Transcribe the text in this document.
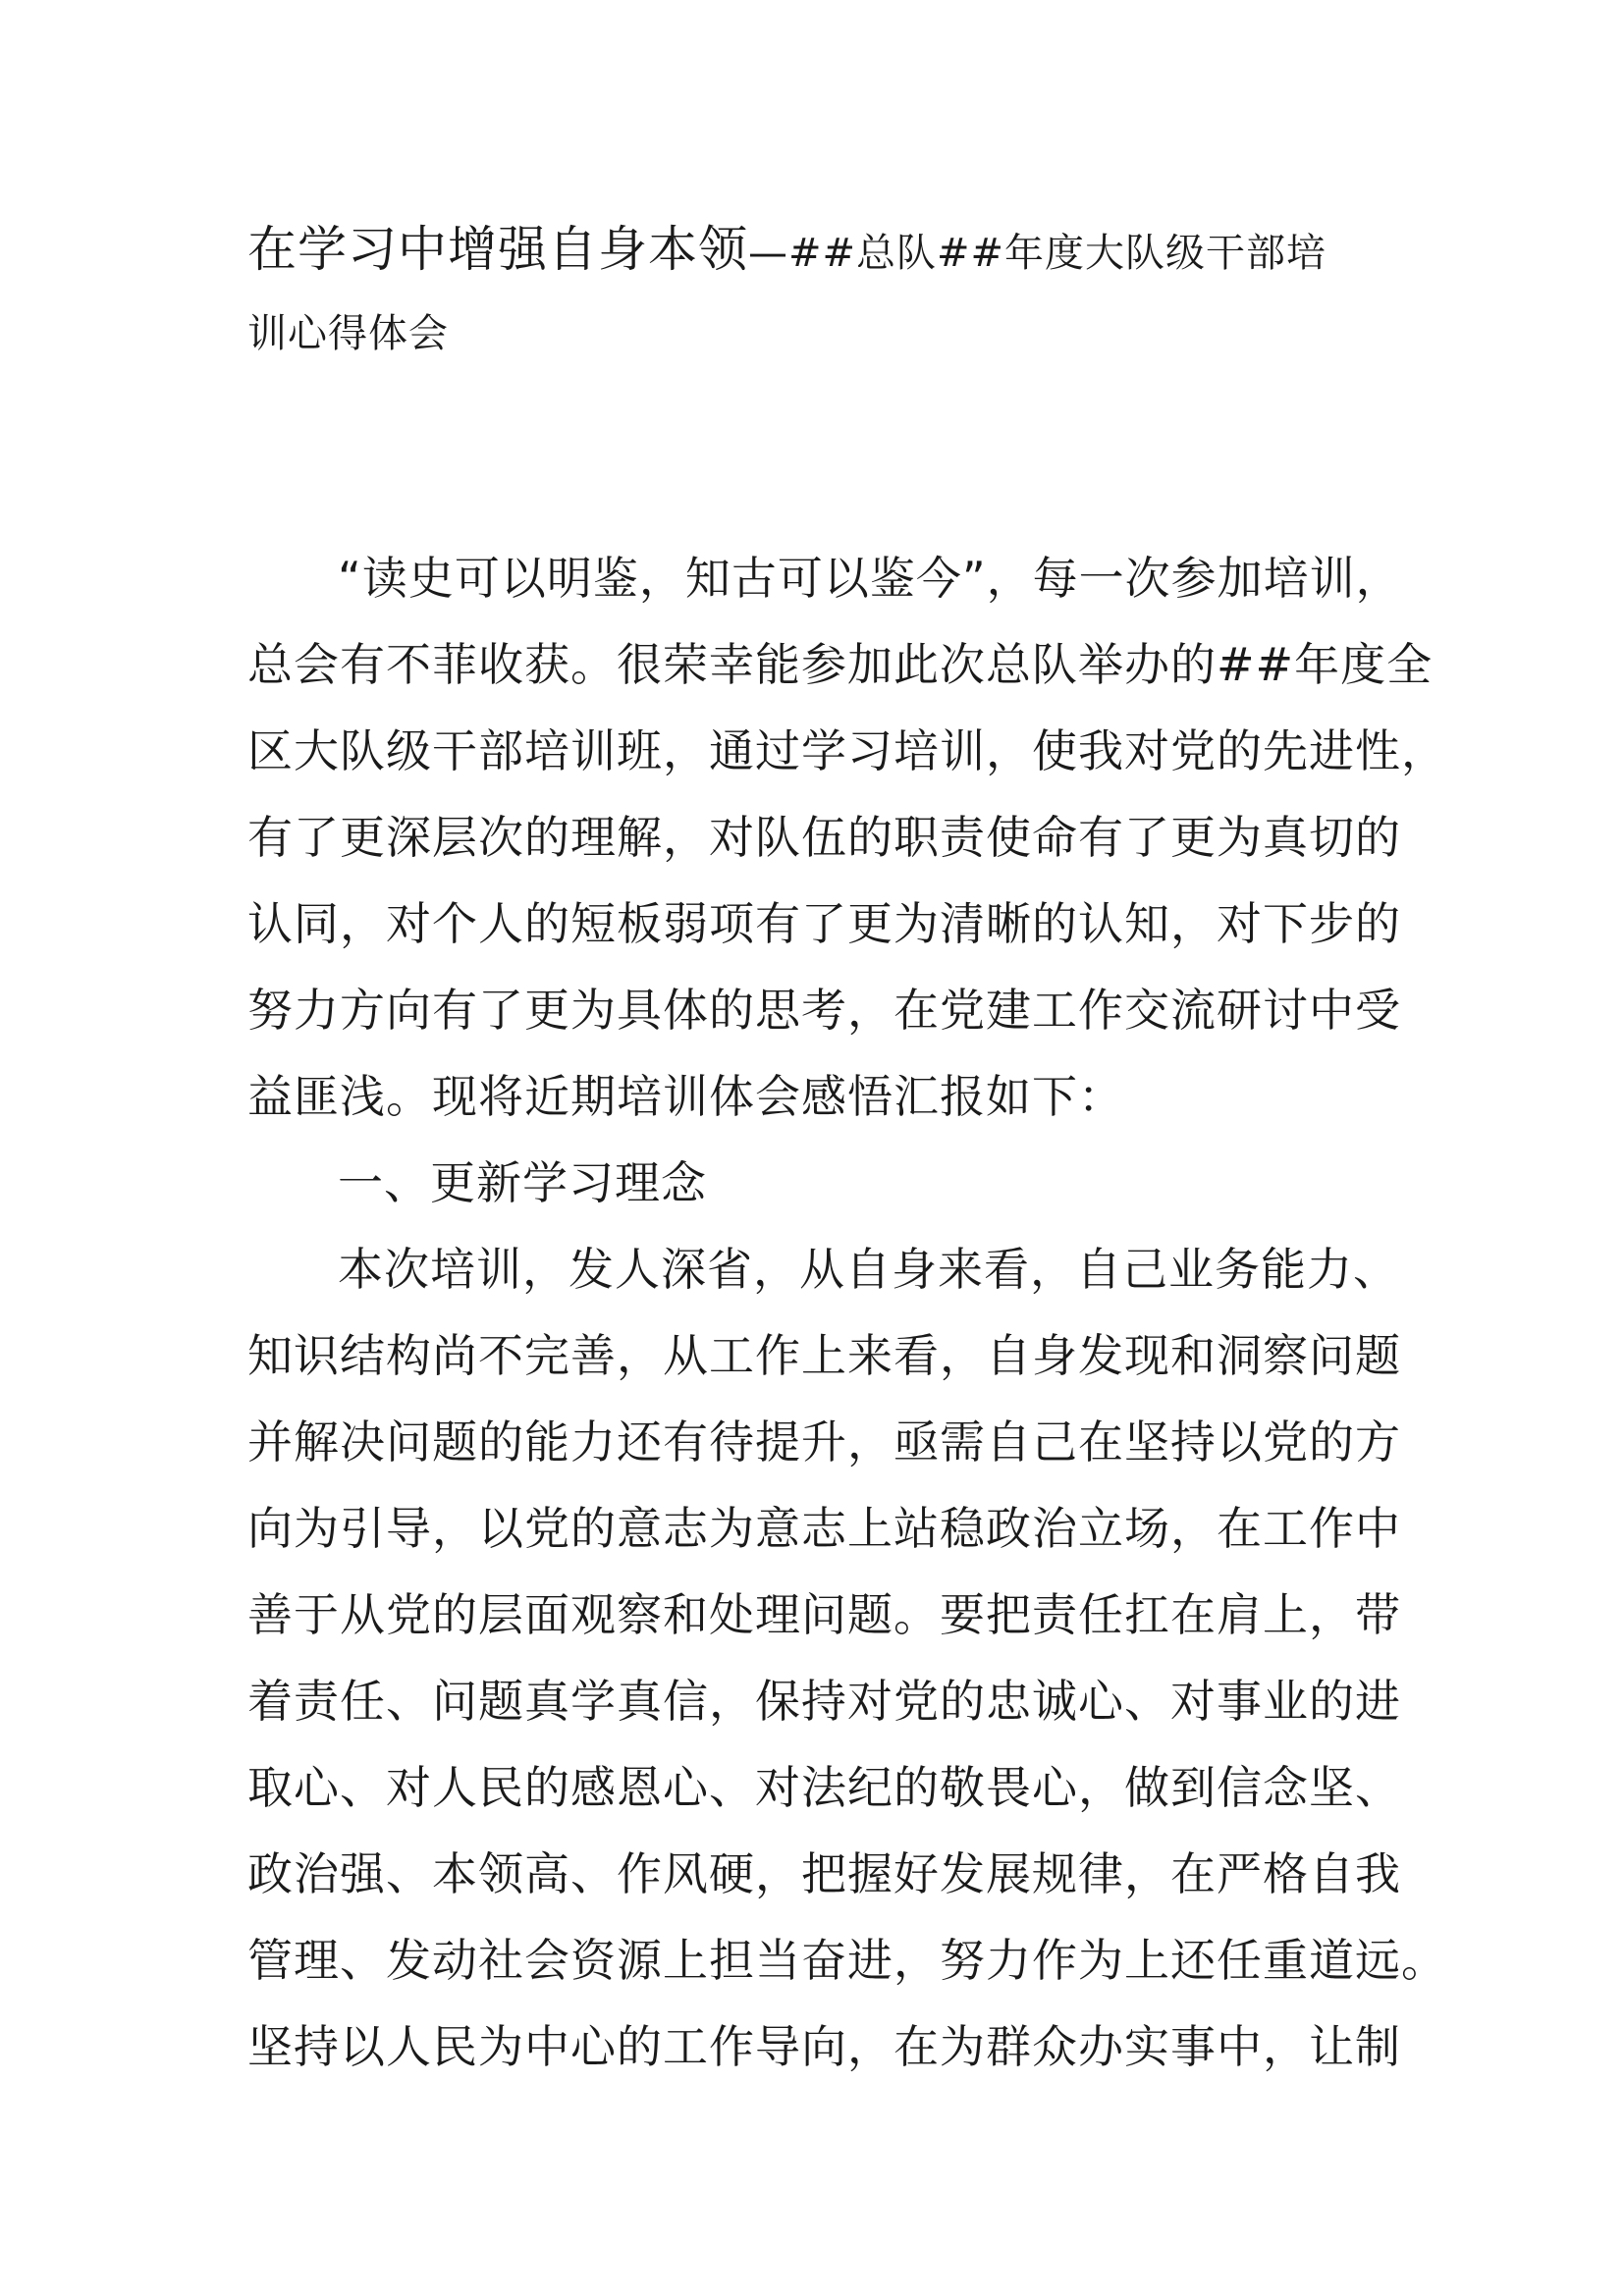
在学习中增强自身本领—##总队##年度大队级干部培
训心得体会
“读史可以明鉴，知古可以鉴今”，每一次参加培训，
总会有不菲收获。很荣幸能参加此次总队举办的##年度全
区大队级干部培训班，通过学习培训，使我对党的先进性，
有了更深层次的理解，对队伍的职责使命有了更为真切的
认同，对个人的短板弱项有了更为清晰的认知，对下步的
努力方向有了更为具体的思考，在党建工作交流研讨中受
益匪浅。现将近期培训体会感悟汇报如下：
一、更新学习理念
本次培训，发人深省，从自身来看，自己业务能力、
知识结构尚不完善，从工作上来看，自身发现和洞察问题
并解决问题的能力还有待提升，亟需自己在坚持以党的方
向为引导，以党的意志为意志上站稳政治立场，在工作中
善于从党的层面观察和处理问题。要把责任扛在肩上，带
着责任、问题真学真信，保持对党的忠诚心、对事业的进
取心、对人民的感恩心、对法纪的敬畏心，做到信念坚、
政治强、本领高、作风硬，把握好发展规律，在严格自我
管理、发动社会资源上担当奋进，努力作为上还任重道远。
坚持以人民为中心的工作导向，在为群众办实事中，让制
